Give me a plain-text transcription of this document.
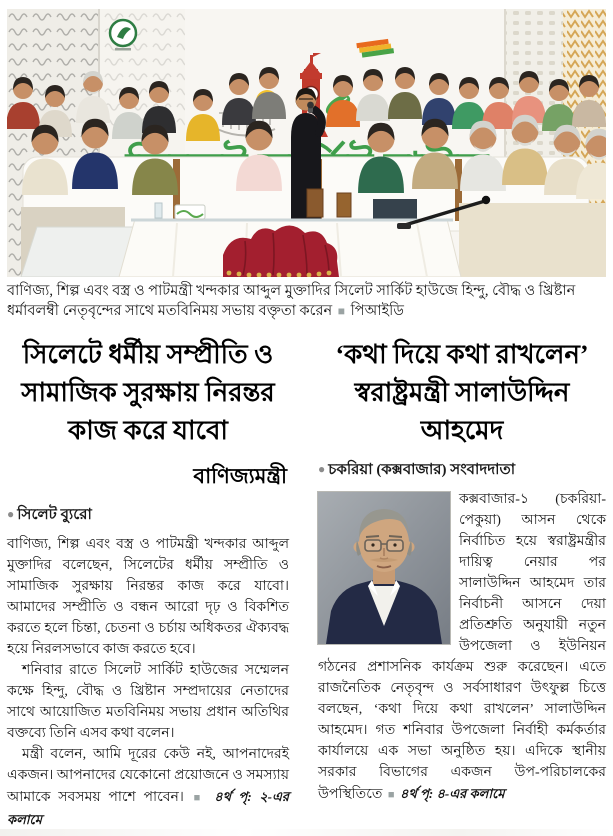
বাণিজ্য, শিল্প এবং বস্ত্র ও পাটমন্ত্রী খন্দকার আব্দুল মুক্তাদির সিলেট সার্কিট হাউজে হিন্দু, বৌদ্ধ ও খ্রিষ্টান ধর্মাবলম্বী নেতৃবৃন্দের সাথে মতবিনিময় সভায় বক্তৃতা করেন ■ পিআইডি

সিলেটে ধর্মীয় সম্প্রীতি ও সামাজিক সুরক্ষায় নিরন্তর কাজ করে যাবো
বাণিজ্যমন্ত্রী
● সিলেট ব্যুরো

বাণিজ্য, শিল্প এবং বস্ত্র ও পাটমন্ত্রী খন্দকার আব্দুল মুক্তাদির বলেছেন, সিলেটের ধর্মীয় সম্প্রীতি ও সামাজিক সুরক্ষায় নিরন্তর কাজ করে যাবো। আমাদের সম্প্রীতি ও বন্ধন আরো দৃঢ় ও বিকশিত করতে হলে চিন্তা, চেতনা ও চর্চায় অধিকতর ঐক্যবদ্ধ হয়ে নিরলসভাবে কাজ করতে হবে।

শনিবার রাতে সিলেট সার্কিট হাউজের সম্মেলন কক্ষে হিন্দু, বৌদ্ধ ও খ্রিষ্টান সম্প্রদায়ের নেতাদের সাথে আয়োজিত মতবিনিময় সভায় প্রধান অতিথির বক্তব্যে তিনি এসব কথা বলেন।

মন্ত্রী বলেন, আমি দূরের কেউ নই, আপনাদেরই একজন। আপনাদের যেকোনো প্রয়োজনে ও সমস্যায় আমাকে সবসময় পাশে পাবেন। ■ ৪র্থ পৃ: ২-এর কলামে

‘কথা দিয়ে কথা রাখলেন’ স্বরাষ্ট্রমন্ত্রী সালাউদ্দিন আহমেদ
● চকরিয়া (কক্সবাজার) সংবাদদাতা

কক্সবাজার-১ (চকরিয়া-পেকুয়া) আসন থেকে নির্বাচিত হয়ে স্বরাষ্ট্রমন্ত্রীর দায়িত্ব নেয়ার পর সালাউদ্দিন আহমেদ তার নির্বাচনী আসনে দেয়া প্রতিশ্রুতি অনুযায়ী নতুন উপজেলা ও ইউনিয়ন গঠনের প্রশাসনিক কার্যক্রম শুরু করেছেন। এতে রাজনৈতিক নেতৃবৃন্দ ও সর্বসাধারণ উৎফুল্ল চিত্তে বলছেন, ‘কথা দিয়ে কথা রাখলেন’ সালাউদ্দিন আহমেদ। গত শনিবার উপজেলা নির্বাহী কর্মকর্তার কার্যালয়ে এক সভা অনুষ্ঠিত হয়। এদিকে স্থানীয় সরকার বিভাগের একজন উপ-পরিচালকের উপস্থিতিতে ■ ৪র্থ পৃ: ৪-এর কলামে
